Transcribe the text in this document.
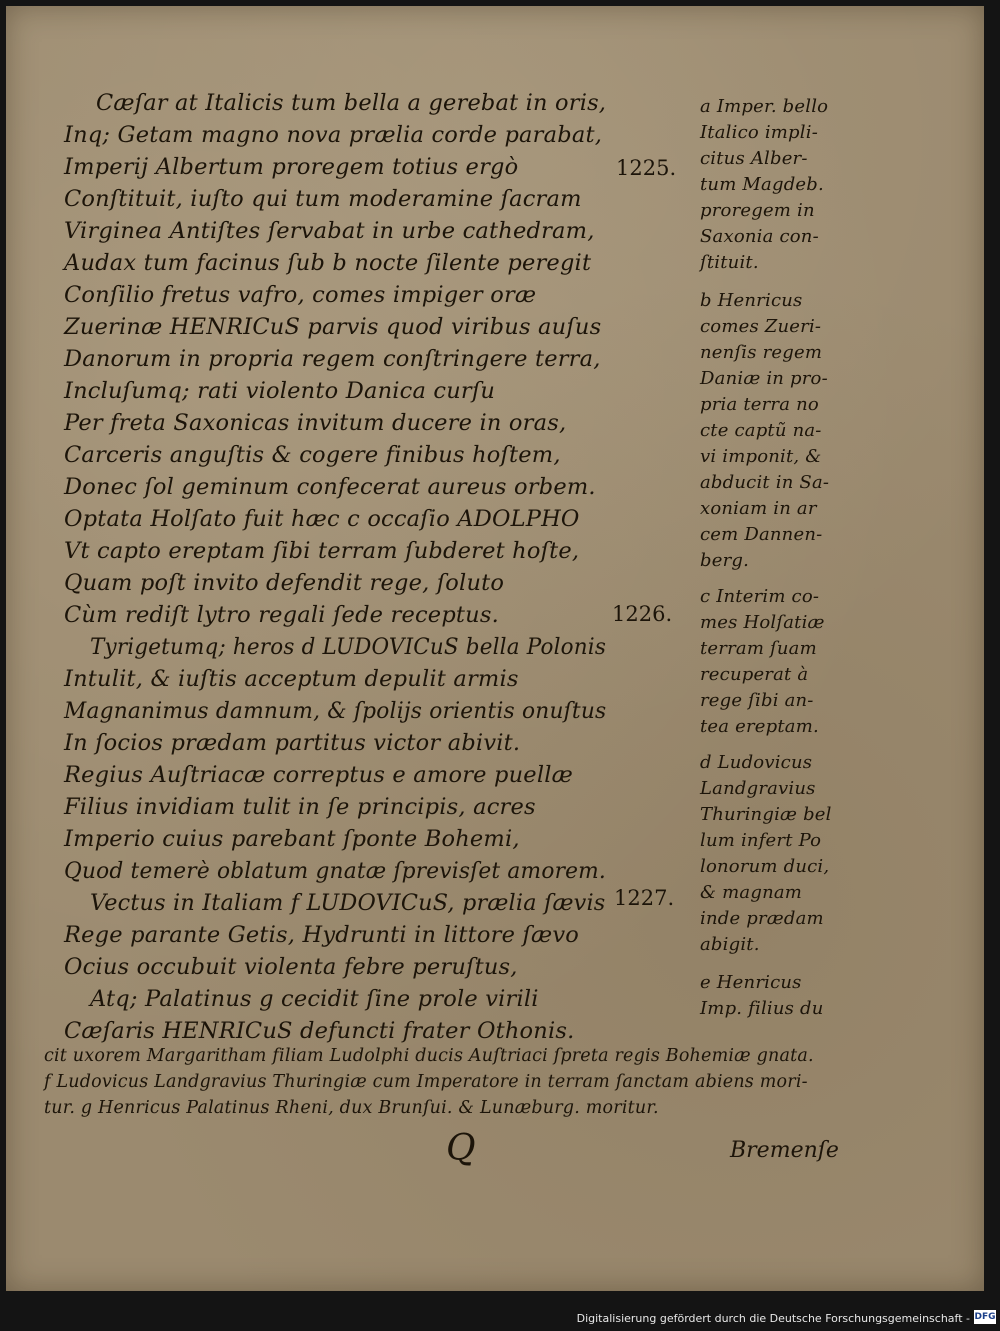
Cæſar at Italicis tum bella a gerebat in oris,
Inq; Getam magno nova prælia corde parabat,
Imperij Albertum proregem totius ergò
Conſtituit, iuſto qui tum moderamine ſacram
Virginea Antiſtes ſervabat in urbe cathedram,
Audax tum facinus ſub b nocte ſilente peregit
Conſilio fretus vafro, comes impiger oræ
Zuerinæ HENRICuS parvis quod viribus auſus
Danorum in propria regem conſtringere terra,
Incluſumq; rati violento Danica curſu
Per freta Saxonicas invitum ducere in oras,
Carceris anguſtis & cogere finibus hoſtem,
Donec ſol geminum confecerat aureus orbem.
Optata Holſato fuit hæc c occaſio ADOLPHO
Vt capto ereptam ſibi terram ſubderet hoſte,
Quam poſt invito defendit rege, ſoluto
Cùm rediſt lytro regali ſede receptus.
Tyrigetumq; heros d LUDOVICuS bella Polonis
Intulit, & iuſtis acceptum depulit armis
Magnanimus damnum, & ſpolijs orientis onuſtus
In ſocios prædam partitus victor abivit.
Regius Auſtriacæ correptus e amore puellæ
Filius invidiam tulit in ſe principis, acres
Imperio cuius parebant ſponte Bohemi,
Quod temerè oblatum gnatæ ſprevisſet amorem.
Vectus in Italiam f LUDOVICuS, prælia ſævis
Rege parante Getis, Hydrunti in littore ſævo
Ocius occubuit violenta febre peruſtus,
Atq; Palatinus g cecidit ſine prole virili
Cæſaris HENRICuS defuncti frater Othonis.
1225.
1226.
1227.
a Imper. bello
Italico impli-
citus Alber-
tum Magdeb.
proregem in
Saxonia con-
ſtituit.
b Henricus
comes Zueri-
nenſis regem
Daniæ in pro-
pria terra no
cte captũ na-
vi imponit, &
abducit in Sa-
xoniam in ar
cem Dannen-
berg.
c Interim co-
mes Holſatiæ
terram ſuam
recuperat à
rege ſibi an-
tea ereptam.
d Ludovicus
Landgravius
Thuringiæ bel
lum infert Po
lonorum duci,
& magnam
inde prædam
abigit.
e Henricus
Imp. filius du
cit uxorem Margaritham filiam Ludolphi ducis Auſtriaci ſpreta regis Bohemiæ gnata.
f Ludovicus Landgravius Thuringiæ cum Imperatore in terram ſanctam abiens mori-
tur. g Henricus Palatinus Rheni, dux Brunſui. & Lunæburg. moritur.
Q	Bremenſe
Digitalisierung gefördert durch die Deutsche Forschungsgemeinschaft - DFG
